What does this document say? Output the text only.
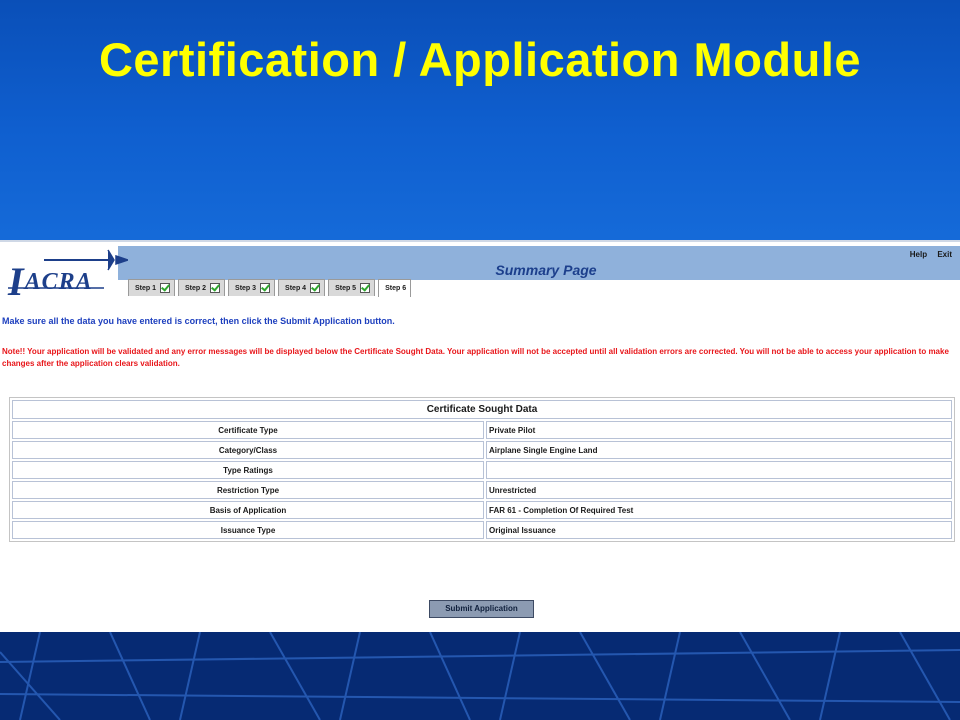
Certification / Application Module
IACRA	Summary Page
Help Exit
Step 1	Step 2	Step 3	Step 4	Step 5	Step 6
Make sure all the data you have entered is correct, then click the Submit Application button.
Note!! Your application will be validated and any error messages will be displayed below the Certificate Sought Data. Your application will not be accepted until all validation errors are corrected. You will not be able to access your application to make changes after the application clears validation.
Certificate Sought Data	
Certificate Type	Private Pilot
Category/Class	Airplane Single Engine Land
Type Ratings	
Restriction Type	Unrestricted
Basis of Application	FAR 61 - Completion Of Required Test
Issuance Type	Original Issuance
Submit Application
